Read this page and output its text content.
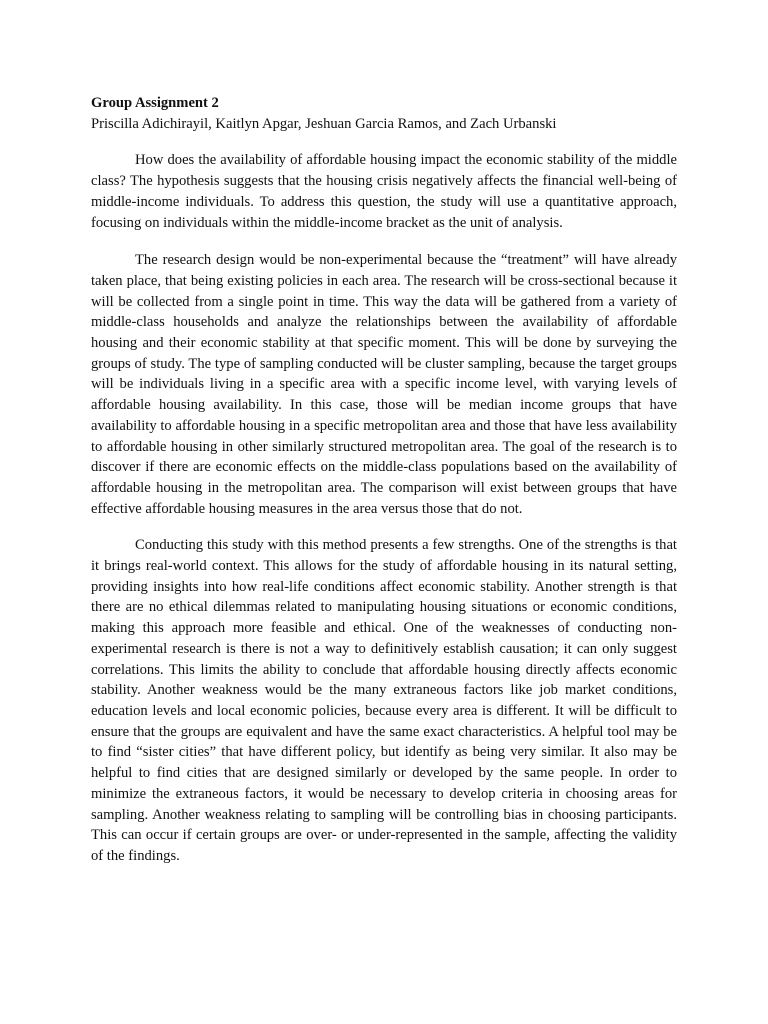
Group Assignment 2

Priscilla Adichirayil, Kaitlyn Apgar, Jeshuan Garcia Ramos, and Zach Urbanski

How does the availability of affordable housing impact the economic stability of the middle class? The hypothesis suggests that the housing crisis negatively affects the financial well-being of middle-income individuals. To address this question, the study will use a quantitative approach, focusing on individuals within the middle-income bracket as the unit of analysis.

The research design would be non-experimental because the “treatment” will have already taken place, that being existing policies in each area. The research will be cross-sectional because it will be collected from a single point in time. This way the data will be gathered from a variety of middle-class households and analyze the relationships between the availability of affordable housing and their economic stability at that specific moment. This will be done by surveying the groups of study. The type of sampling conducted will be cluster sampling, because the target groups will be individuals living in a specific area with a specific income level, with varying levels of affordable housing availability. In this case, those will be median income groups that have availability to affordable housing in a specific metropolitan area and those that have less availability to affordable housing in other similarly structured metropolitan area. The goal of the research is to discover if there are economic effects on the middle-class populations based on the availability of affordable housing in the metropolitan area. The comparison will exist between groups that have effective affordable housing measures in the area versus those that do not.

Conducting this study with this method presents a few strengths. One of the strengths is that it brings real-world context. This allows for the study of affordable housing in its natural setting, providing insights into how real-life conditions affect economic stability. Another strength is that there are no ethical dilemmas related to manipulating housing situations or economic conditions, making this approach more feasible and ethical. One of the weaknesses of conducting non-experimental research is there is not a way to definitively establish causation; it can only suggest correlations. This limits the ability to conclude that affordable housing directly affects economic stability. Another weakness would be the many extraneous factors like job market conditions, education levels and local economic policies, because every area is different. It will be difficult to ensure that the groups are equivalent and have the same exact characteristics. A helpful tool may be to find “sister cities” that have different policy, but identify as being very similar. It also may be helpful to find cities that are designed similarly or developed by the same people. In order to minimize the extraneous factors, it would be necessary to develop criteria in choosing areas for sampling. Another weakness relating to sampling will be controlling bias in choosing participants. This can occur if certain groups are over- or under-represented in the sample, affecting the validity of the findings.
